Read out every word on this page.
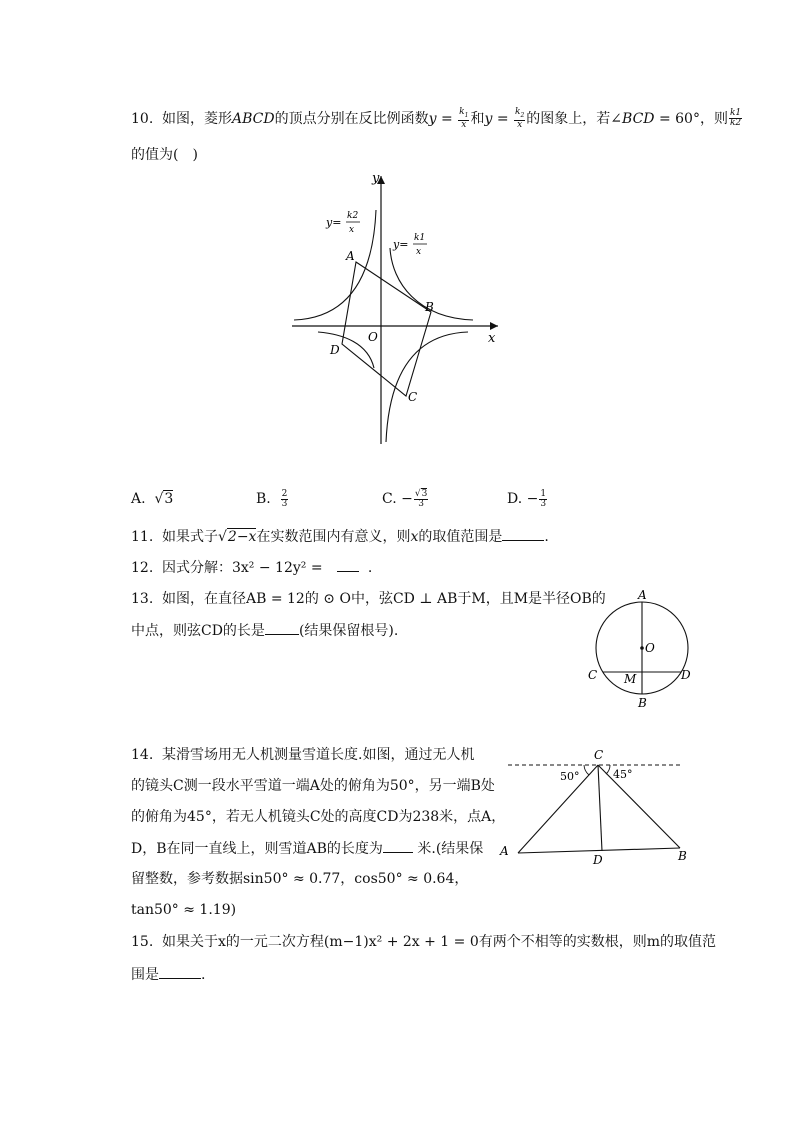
10. 如图，菱形ABCD的顶点分别在反比例函数$y = \frac{k_1}{x}$ 和$y = \frac{k_2}{x}$ 的图象上，若∠BCD = 60°，则 $\frac{k1}{k2}$
的值为(　)
y
x
O
A
B
C
D
y= k2
x
y= k1
x
A.  √3	B. $\frac{2}{3}$	C. − $\frac{√3}{3}$	D. − $\frac{1}{3}$
11. 如果式子√2−x在实数范围内有意义，则x的取值范围是	.
12. 因式分解：3x² − 12y² =	.
13. 如图，在直径AB = 12的 ⊙ O中，弦CD ⊥ AB于M，且M是半径OB的
中点，则弦CD的长是 (结果保留根号).
A
O
C	D
M
B
14. 某滑雪场用无人机测量雪道长度.如图，通过无人机
的镜头C测一段水平雪道一端A处的俯角为50°，另一端B处
的俯角为45°，若无人机镜头C处的高度CD为238米，点A，
D，B在同一直线上，则雪道AB的长度为 米.(结果保
留整数，参考数据sin50° ≈ 0.77，cos50° ≈ 0.64，
tan50° ≈ 1.19)
C
50°	45°
A
D	B
15. 如果关于x的一元二次方程(m−1)x² + 2x + 1 = 0有两个不相等的实数根，则m的取值范
围是	.
